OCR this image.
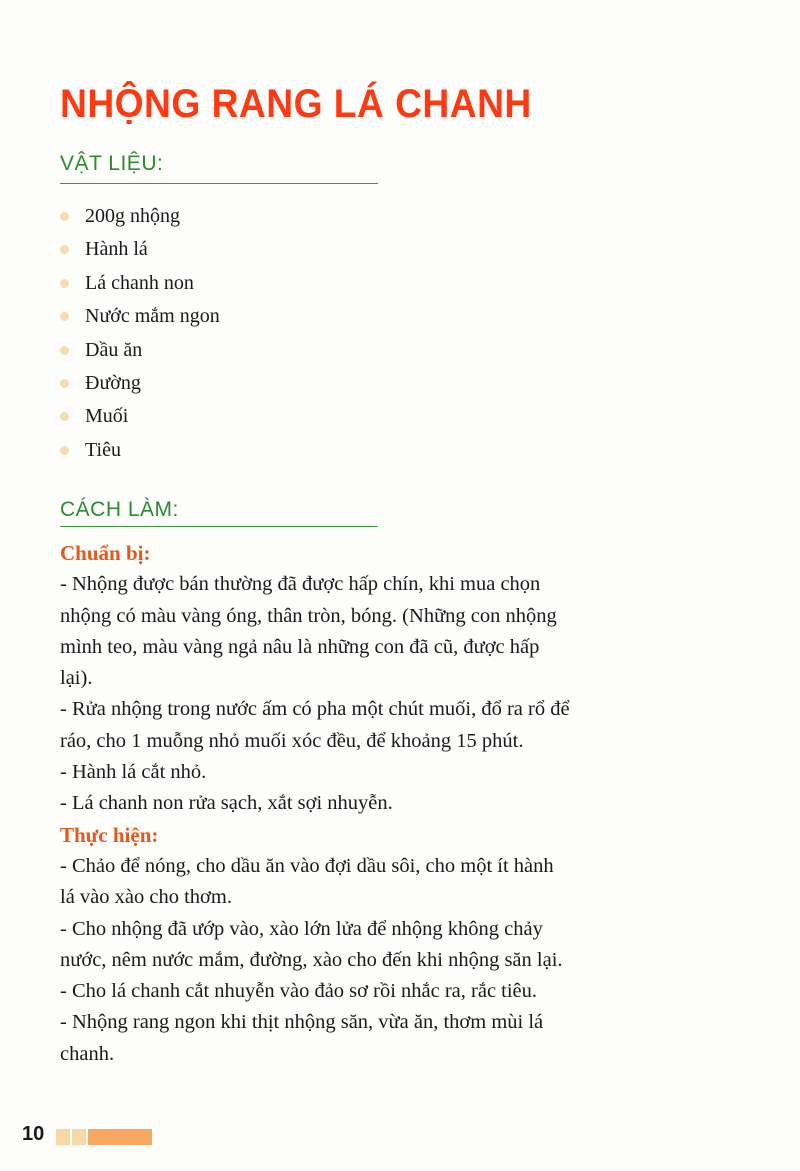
NHỘNG RANG LÁ CHANH
VẬT LIỆU:
200g nhộng
Hành lá
Lá chanh non
Nước mắm ngon
Dầu ăn
Đường
Muối
Tiêu
CÁCH LÀM:
Chuẩn bị:
- Nhộng được bán thường đã được hấp chín, khi mua chọn
nhộng có màu vàng óng, thân tròn, bóng. (Những con nhộng
mình teo, màu vàng ngả nâu là những con đã cũ, được hấp
lại).
- Rửa nhộng trong nước ấm có pha một chút muối, đổ ra rổ để
ráo, cho 1 muỗng nhỏ muối xóc đều, để khoảng 15 phút.
- Hành lá cắt nhỏ.
- Lá chanh non rửa sạch, xắt sợi nhuyễn.
Thực hiện:
- Chảo để nóng, cho dầu ăn vào đợi dầu sôi, cho một ít hành
lá vào xào cho thơm.
- Cho nhộng đã ướp vào, xào lớn lửa để nhộng không chảy
nước, nêm nước mắm, đường, xào cho đến khi nhộng săn lại.
- Cho lá chanh cắt nhuyễn vào đảo sơ rồi nhắc ra, rắc tiêu.
- Nhộng rang ngon khi thịt nhộng săn, vừa ăn, thơm mùi lá
chanh.
10
